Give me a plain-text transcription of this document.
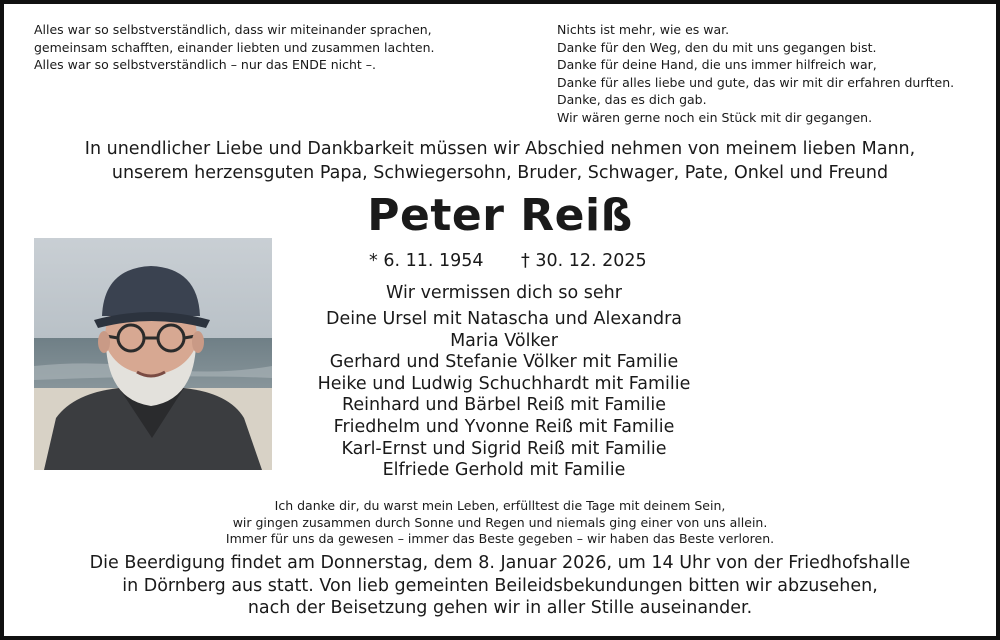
Alles war so selbstverständlich, dass wir miteinander sprachen,
gemeinsam schafften, einander liebten und zusammen lachten.
Alles war so selbstverständlich – nur das ENDE nicht –.
Nichts ist mehr, wie es war.
Danke für den Weg, den du mit uns gegangen bist.
Danke für deine Hand, die uns immer hilfreich war,
Danke für alles liebe und gute, das wir mit dir erfahren durften.
Danke, das es dich gab.
Wir wären gerne noch ein Stück mit dir gegangen.
In unendlicher Liebe und Dankbarkeit müssen wir Abschied nehmen von meinem lieben Mann,
unserem herzensguten Papa, Schwiegersohn, Bruder, Schwager, Pate, Onkel und Freund
Peter Reiß
* 6. 11. 1954 † 30. 12. 2025
Wir vermissen dich so sehr
Deine Ursel mit Natascha und Alexandra
Maria Völker
Gerhard und Stefanie Völker mit Familie
Heike und Ludwig Schuchhardt mit Familie
Reinhard und Bärbel Reiß mit Familie
Friedhelm und Yvonne Reiß mit Familie
Karl-Ernst und Sigrid Reiß mit Familie
Elfriede Gerhold mit Familie
Ich danke dir, du warst mein Leben, erfülltest die Tage mit deinem Sein,
wir gingen zusammen durch Sonne und Regen und niemals ging einer von uns allein.
Immer für uns da gewesen – immer das Beste gegeben – wir haben das Beste verloren.
Die Beerdigung findet am Donnerstag, dem 8. Januar 2026, um 14 Uhr von der Friedhofshalle
in Dörnberg aus statt. Von lieb gemeinten Beileidsbekundungen bitten wir abzusehen,
nach der Beisetzung gehen wir in aller Stille auseinander.
